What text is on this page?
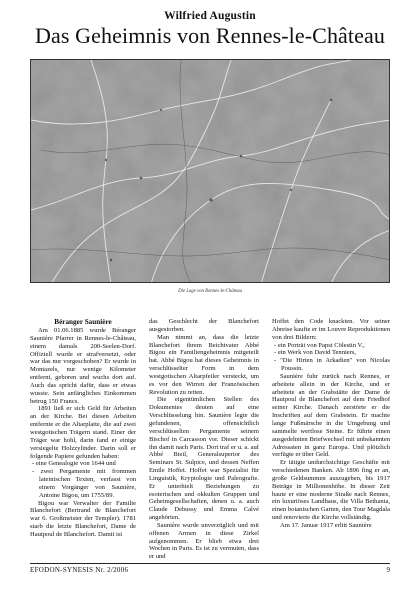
Wilfried Augustin
Das Geheimnis von Rennes-le-Château
Die Lage von Rennes-le-Château
Béranger Saunière

Am 01.06.1885 wurde Béranger Saunière Pfarrer in Rennes-le-Château, einem damals 200-Seelen-Dorf. Offiziell wurde er strafversetzt, oder war das nur vorgeschoben? Er wurde in Montazels, nur wenige Kilometer entfernt, geboren und wuchs dort auf. Auch das spricht dafür, dass er etwas wusste. Sein anfängliches Einkommen betrug 150 Francs.

1891 ließ er sich Geld für Arbeiten an der Kirche. Bei diesen Arbeiten entfernte er die Altarplatte, die auf zwei westgotischen Trägern stand. Einer der Träger war hohl, darin fand er einige versiegelte Holzzylinder. Darin soll er folgende Papiere gefunden haben:

- eine Genealogie von 1644 und
- zwei Pergamente mit frommen lateinischen Texten, verfasst von einem Vorgänger von Saunière, Antoine Bigou, um 1755/89.

Bigou war Verwalter der Familie Blanchefort (Bertrand de Blanchefort war 6. Großmeister der Templer). 1781 starb die letzte Blanchefort, Dame de Hautpoul de Blanchefort. Damit ist

das Geschlecht der Blanchefort ausgestorben.

Man nimmt an, dass die letzte Blanchefort ihrem Beichtvater Abbé Bigou ein Familiengeheimnis mitgeteilt hat. Abbé Bigou hat dieses Geheimnis in verschlüsselter Form in dem westgotischen Altarpfeiler versteckt, um es vor den Wirren der Französischen Revolution zu retten.

Die eigentümlichen Stellen des Dokumentes deuten auf eine Verschlüsselung hin. Saunière legte die gefundenen, offensichtlich verschlüsselten Pergamente seinem Bischof in Carcasson vor. Dieser schickt ihn damit nach Paris. Dort traf er u. a. auf Abbé Bieil, Generalsuperior des Seminars St. Sulpice, und dessen Neffen Emile Hoffet. Hoffet war Spezialist für Linguistik, Kryptologie und Paleografie. Er unterhielt Beziehungen zu esoterischen und okkulten Gruppen und Geheimgesellschaften, denen u. a. auch Claude Debussy und Emma Calvé angehörten.

Saunière wurde unverzüglich und mit offenen Armen in diese Zirkel aufgenommen. Er blieb etwa drei Wochen in Paris. Es ist zu vermuten, dass er und

Hoffet den Code knackten. Vor seiner Abreise kaufte er im Louvre Reproduktionen von drei Bildern:

- ein Porträt von Papst Cölestin V.,
- ein Werk von David Tenniers,
- "Die Hirten in Arkadien" von Nicolas Poussin.

Saunière fuhr zurück nach Rennes, er arbeitete allein in der Kirche, und er arbeitete an der Grabstätte der Dame de Hautpoul de Blanchefort auf dem Friedhof seiner Kirche. Danach zerstörte er die Inschriften auf dem Grabstein. Er machte lange Fußmärsche in die Umgebung und sammelte wertlose Steine. Er führte einen ausgedehnten Briefwechsel mit unbekannten Adressaten in ganz Europa. Und plötzlich verfügte er über Geld.

Er tätigte undurchsichtige Geschäfte mit verschiedenen Banken. Ab 1896 fing er an, große Geldsummen auszugeben, bis 1917 Beträge in Millionenhöhe. In dieser Zeit baute er eine moderne Straße nach Rennes, ein luxuriöses Landhaus, die Villa Bethania, einen botanischen Garten, den Tour Magdala und renovierte die Kirche vollständig.

Am 17. Januar 1917 erlitt Saunière

EFODON-SYNESIS Nr. 2/2006	9
